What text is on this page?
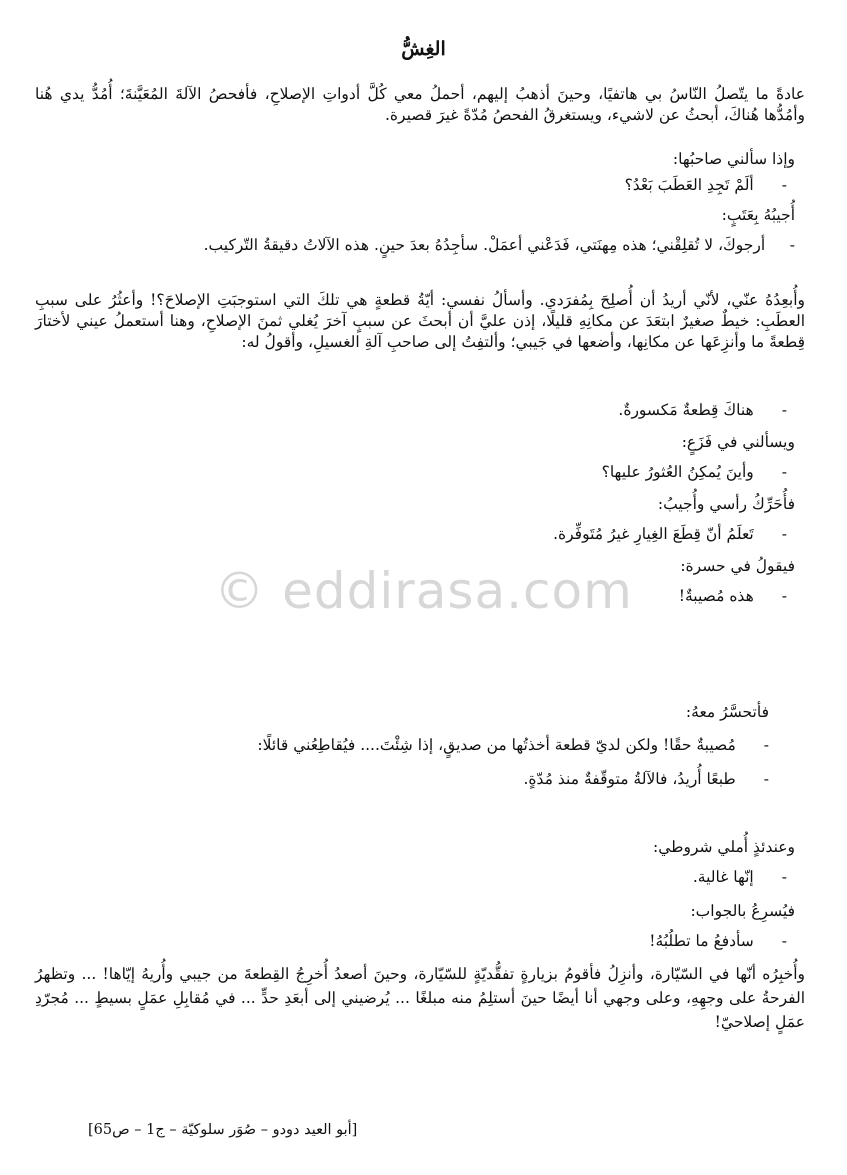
الغِشُّ
عادةً ما يتّصلُ النّاسُ بي هاتفيًا، وحينَ أذهبُ إليهم، أحملُ معي كُلَّ أدواتِ الإصلاحِ، فأفحصُ الآلةَ المُعَيَّنةَ؛ أُمُدُّ يدي هُنا وأمُدُّها هُناكَ، أبحثُ عن لاشيء، ويستغرقُ الفحصُ مُدّةً غيرَ قصيرة.
وإذا سألني صاحبُها:
-ألَمْ تَجِدِ العَطَبَ بَعْدُ؟
أُجيبُهُ بِعَتَبٍ:
-     أرجوكَ، لا تُقلِقْني؛ هذه مِهنَتي، فَدَعْني أعمَلْ. سأجِدُهُ بعدَ حينٍ. هذه الآلاتُ دقيقةُ التّركيب.
وأُبعِدُهُ عنّي، لأنّي أريدُ أن أُصلِحَ بِمُفرَدي. وأسألُ نفسي: أيّةُ قطعةٍ هي تلكَ التي استوجبَتِ الإصلاحَ؟! وأعثُرُ على سببِ العطَبِ: خيطٌ صغيرٌ ابتعَدَ عن مكانِهِ قليلًا، إذن عليَّ أن أبحثَ عن سببٍ آخرَ يُغلي ثمنَ الإصلاحِ، وهنا أستعملُ عيني لأختارَ قِطعةً ما وأنزِعَها عن مكانِها، وأضعها في جَيبي؛ وألتفِتُ إلى صاحبِ آلةِ الغسيلِ، وأقولُ له:
-هناكَ قِطعةٌ مَكسورةٌ.
ويسألني في فَزَعٍ:
-وأينَ يُمكِنُ العُثورُ عليها؟
فأُحَرِّكُ رأسي وأُجيبُ:
-تَعلَمُ أنّ قِطَعَ الغِيارِ غيرُ مُتَوفِّرة.
فيقولُ في حسرة:
-هذه مُصيبةٌ!
© eddirasa.com
فأتحسَّرُ معهُ:
-مُصيبةٌ حقًا! ولكن لديّ قطعة أخذتُها من صديقٍ، إذا شِئْتَ.... فيُقاطِعُني قائلًا:
-طبعًا أُريدُ، فالآلةُ متوقّفةٌ منذ مُدّةٍ.
وعندئذٍ أُملي شروطي:
-إنّها غالية.
فيُسرِعُ بالجواب:
-سأدفعُ ما تطلُبُهُ!
وأُخبِرُه أنّها في السّيّارة، وأنزِلُ فأقومُ بزيارةٍ تفقُّديّةٍ للسّيّارة، وحينَ أصعدُ أُخرِجُ القِطعةَ من جيبي وأُريهُ إيّاها! ... وتظهرُ الفرحةُ على وجهِهِ، وعلى وجهي أنا أيضًا حينَ أستلِمُ منه مبلغًا ... يُرضيني إلى أبعَدِ حدٍّ ... في مُقابِلِ عمَلٍ بسيطٍ ... مُجرّدِ عمَلٍ إصلاحيّ!
[أبو العيد دودو – صُوَر سلوكيّة – ج1 – ص65]
